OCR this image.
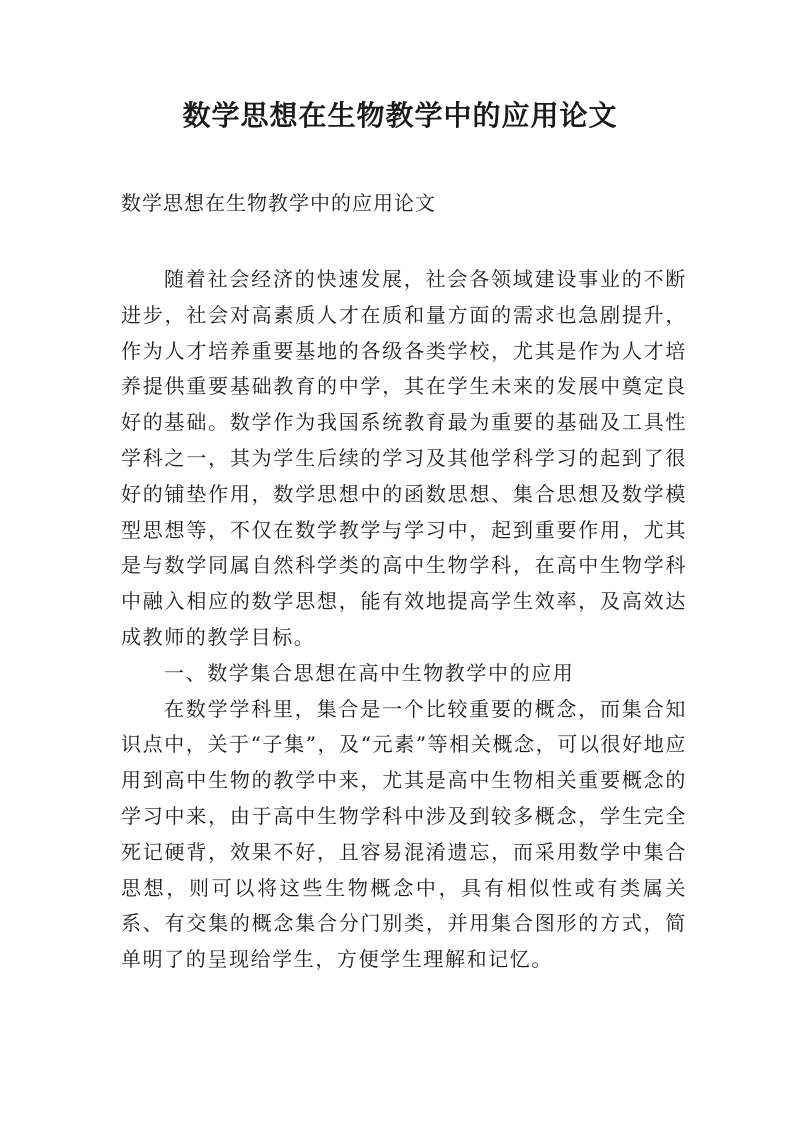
数学思想在生物教学中的应用论文

数学思想在生物教学中的应用论文

随着社会经济的快速发展，社会各领域建设事业的不断进步，社会对高素质人才在质和量方面的需求也急剧提升，作为人才培养重要基地的各级各类学校，尤其是作为人才培养提供重要基础教育的中学，其在学生未来的发展中奠定良好的基础。数学作为我国系统教育最为重要的基础及工具性学科之一，其为学生后续的学习及其他学科学习的起到了很好的铺垫作用，数学思想中的函数思想、集合思想及数学模型思想等，不仅在数学教学与学习中，起到重要作用，尤其是与数学同属自然科学类的高中生物学科，在高中生物学科中融入相应的数学思想，能有效地提高学生效率，及高效达成教师的教学目标。

一、数学集合思想在高中生物教学中的应用

在数学学科里，集合是一个比较重要的概念，而集合知识点中，关于“子集”，及“元素”等相关概念，可以很好地应用到高中生物的教学中来，尤其是高中生物相关重要概念的学习中来，由于高中生物学科中涉及到较多概念，学生完全死记硬背，效果不好，且容易混淆遗忘，而采用数学中集合思想，则可以将这些生物概念中，具有相似性或有类属关系、有交集的概念集合分门别类，并用集合图形的方式，简单明了的呈现给学生，方便学生理解和记忆。
